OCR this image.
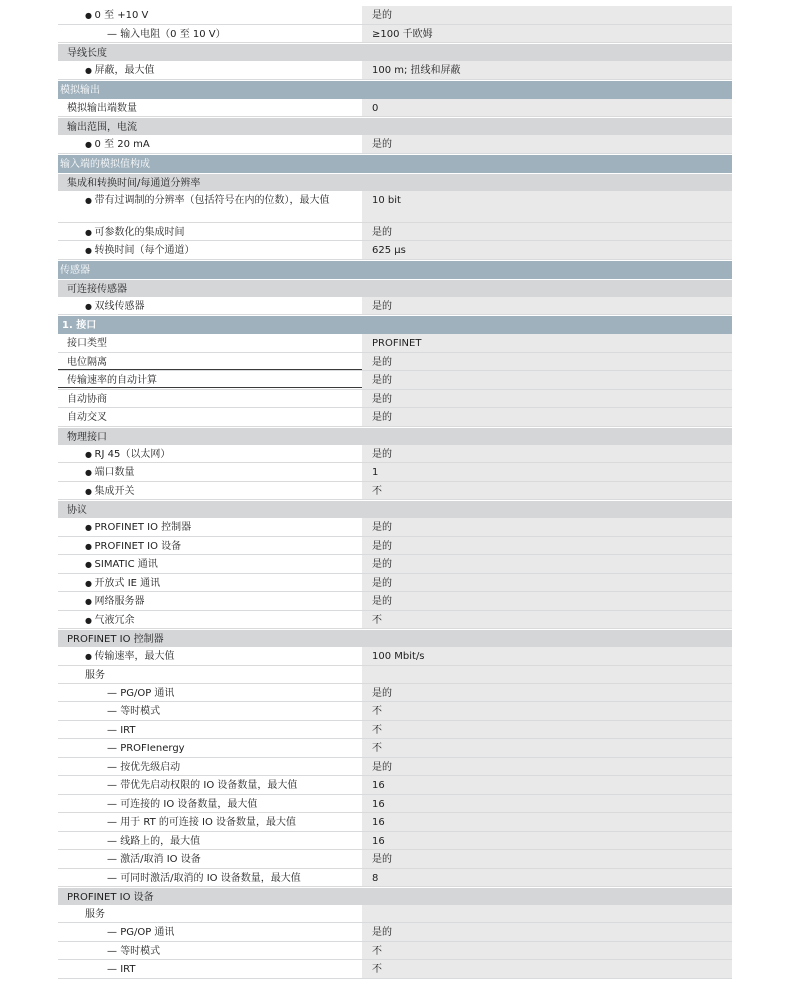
● 0 至 +10 V	是的
— 输入电阻（0 至 10 V）	≥100 千欧姆
导线长度
● 屏蔽，最大值	100 m; 扭线和屏蔽
模拟输出
模拟输出端数量	0
输出范围，电流
● 0 至 20 mA	是的
输入端的模拟值构成
集成和转换时间/每通道分辨率
● 带有过调制的分辨率（包括符号在内的位数），最大值	10 bit
● 可参数化的集成时间	是的
● 转换时间（每个通道）	625 μs
传感器
可连接传感器
● 双线传感器	是的
1. 接口
接口类型	PROFINET
电位隔离	是的
传输速率的自动计算	是的
自动协商	是的
自动交叉	是的
物理接口
● RJ 45（以太网）	是的
● 端口数量	1
● 集成开关	不
协议
● PROFINET IO 控制器	是的
● PROFINET IO 设备	是的
● SIMATIC 通讯	是的
● 开放式 IE 通讯	是的
● 网络服务器	是的
● 气液冗余	不
PROFINET IO 控制器
● 传输速率，最大值	100 Mbit/s
服务
— PG/OP 通讯	是的
— 等时模式	不
— IRT	不
— PROFIenergy	不
— 按优先级启动	是的
— 带优先启动权限的 IO 设备数量，最大值	16
— 可连接的 IO 设备数量，最大值	16
— 用于 RT 的可连接 IO 设备数量，最大值	16
— 线路上的，最大值	16
— 激活/取消 IO 设备	是的
— 可同时激活/取消的 IO 设备数量，最大值	8
PROFINET IO 设备
服务
— PG/OP 通讯	是的
— 等时模式	不
— IRT	不
